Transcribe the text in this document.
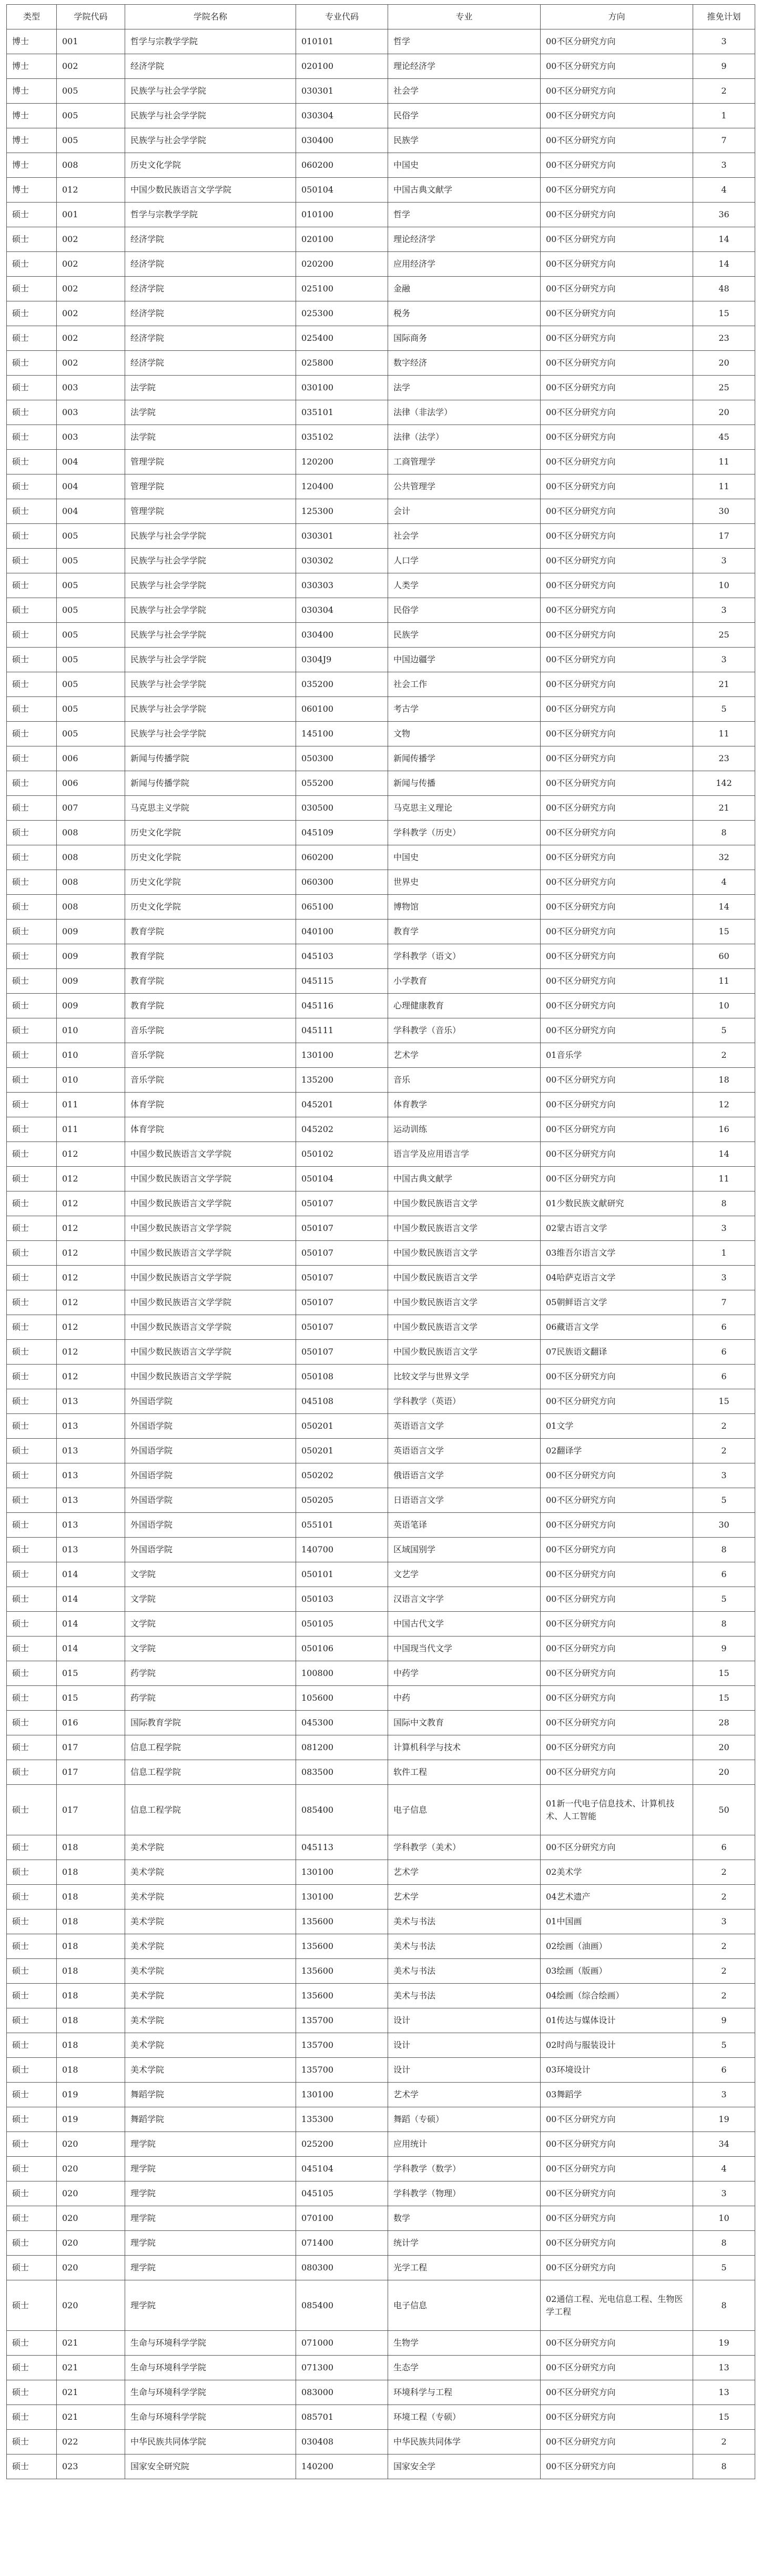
类型	学院代码	学院名称	专业代码	专业	方向	推免计划
博士	001	哲学与宗教学学院	010101	哲学	00不区分研究方向	3
博士	002	经济学院	020100	理论经济学	00不区分研究方向	9
博士	005	民族学与社会学学院	030301	社会学	00不区分研究方向	2
博士	005	民族学与社会学学院	030304	民俗学	00不区分研究方向	1
博士	005	民族学与社会学学院	030400	民族学	00不区分研究方向	7
博士	008	历史文化学院	060200	中国史	00不区分研究方向	3
博士	012	中国少数民族语言文学学院	050104	中国古典文献学	00不区分研究方向	4
硕士	001	哲学与宗教学学院	010100	哲学	00不区分研究方向	36
硕士	002	经济学院	020100	理论经济学	00不区分研究方向	14
硕士	002	经济学院	020200	应用经济学	00不区分研究方向	14
硕士	002	经济学院	025100	金融	00不区分研究方向	48
硕士	002	经济学院	025300	税务	00不区分研究方向	15
硕士	002	经济学院	025400	国际商务	00不区分研究方向	23
硕士	002	经济学院	025800	数字经济	00不区分研究方向	20
硕士	003	法学院	030100	法学	00不区分研究方向	25
硕士	003	法学院	035101	法律（非法学）	00不区分研究方向	20
硕士	003	法学院	035102	法律（法学）	00不区分研究方向	45
硕士	004	管理学院	120200	工商管理学	00不区分研究方向	11
硕士	004	管理学院	120400	公共管理学	00不区分研究方向	11
硕士	004	管理学院	125300	会计	00不区分研究方向	30
硕士	005	民族学与社会学学院	030301	社会学	00不区分研究方向	17
硕士	005	民族学与社会学学院	030302	人口学	00不区分研究方向	3
硕士	005	民族学与社会学学院	030303	人类学	00不区分研究方向	10
硕士	005	民族学与社会学学院	030304	民俗学	00不区分研究方向	3
硕士	005	民族学与社会学学院	030400	民族学	00不区分研究方向	25
硕士	005	民族学与社会学学院	0304J9	中国边疆学	00不区分研究方向	3
硕士	005	民族学与社会学学院	035200	社会工作	00不区分研究方向	21
硕士	005	民族学与社会学学院	060100	考古学	00不区分研究方向	5
硕士	005	民族学与社会学学院	145100	文物	00不区分研究方向	11
硕士	006	新闻与传播学院	050300	新闻传播学	00不区分研究方向	23
硕士	006	新闻与传播学院	055200	新闻与传播	00不区分研究方向	142
硕士	007	马克思主义学院	030500	马克思主义理论	00不区分研究方向	21
硕士	008	历史文化学院	045109	学科教学（历史）	00不区分研究方向	8
硕士	008	历史文化学院	060200	中国史	00不区分研究方向	32
硕士	008	历史文化学院	060300	世界史	00不区分研究方向	4
硕士	008	历史文化学院	065100	博物馆	00不区分研究方向	14
硕士	009	教育学院	040100	教育学	00不区分研究方向	15
硕士	009	教育学院	045103	学科教学（语文）	00不区分研究方向	60
硕士	009	教育学院	045115	小学教育	00不区分研究方向	11
硕士	009	教育学院	045116	心理健康教育	00不区分研究方向	10
硕士	010	音乐学院	045111	学科教学（音乐）	00不区分研究方向	5
硕士	010	音乐学院	130100	艺术学	01音乐学	2
硕士	010	音乐学院	135200	音乐	00不区分研究方向	18
硕士	011	体育学院	045201	体育教学	00不区分研究方向	12
硕士	011	体育学院	045202	运动训练	00不区分研究方向	16
硕士	012	中国少数民族语言文学学院	050102	语言学及应用语言学	00不区分研究方向	14
硕士	012	中国少数民族语言文学学院	050104	中国古典文献学	00不区分研究方向	11
硕士	012	中国少数民族语言文学学院	050107	中国少数民族语言文学	01少数民族文献研究	8
硕士	012	中国少数民族语言文学学院	050107	中国少数民族语言文学	02蒙古语言文学	3
硕士	012	中国少数民族语言文学学院	050107	中国少数民族语言文学	03维吾尔语言文学	1
硕士	012	中国少数民族语言文学学院	050107	中国少数民族语言文学	04哈萨克语言文学	3
硕士	012	中国少数民族语言文学学院	050107	中国少数民族语言文学	05朝鲜语言文学	7
硕士	012	中国少数民族语言文学学院	050107	中国少数民族语言文学	06藏语言文学	6
硕士	012	中国少数民族语言文学学院	050107	中国少数民族语言文学	07民族语文翻译	6
硕士	012	中国少数民族语言文学学院	050108	比较文学与世界文学	00不区分研究方向	6
硕士	013	外国语学院	045108	学科教学（英语）	00不区分研究方向	15
硕士	013	外国语学院	050201	英语语言文学	01文学	2
硕士	013	外国语学院	050201	英语语言文学	02翻译学	2
硕士	013	外国语学院	050202	俄语语言文学	00不区分研究方向	3
硕士	013	外国语学院	050205	日语语言文学	00不区分研究方向	5
硕士	013	外国语学院	055101	英语笔译	00不区分研究方向	30
硕士	013	外国语学院	140700	区域国别学	00不区分研究方向	8
硕士	014	文学院	050101	文艺学	00不区分研究方向	6
硕士	014	文学院	050103	汉语言文字学	00不区分研究方向	5
硕士	014	文学院	050105	中国古代文学	00不区分研究方向	8
硕士	014	文学院	050106	中国现当代文学	00不区分研究方向	9
硕士	015	药学院	100800	中药学	00不区分研究方向	15
硕士	015	药学院	105600	中药	00不区分研究方向	15
硕士	016	国际教育学院	045300	国际中文教育	00不区分研究方向	28
硕士	017	信息工程学院	081200	计算机科学与技术	00不区分研究方向	20
硕士	017	信息工程学院	083500	软件工程	00不区分研究方向	20
硕士	017	信息工程学院	085400	电子信息	01新一代电子信息技术、计算机技术、人工智能	50
硕士	018	美术学院	045113	学科教学（美术）	00不区分研究方向	6
硕士	018	美术学院	130100	艺术学	02美术学	2
硕士	018	美术学院	130100	艺术学	04艺术遗产	2
硕士	018	美术学院	135600	美术与书法	01中国画	3
硕士	018	美术学院	135600	美术与书法	02绘画（油画）	2
硕士	018	美术学院	135600	美术与书法	03绘画（版画）	2
硕士	018	美术学院	135600	美术与书法	04绘画（综合绘画）	2
硕士	018	美术学院	135700	设计	01传达与媒体设计	9
硕士	018	美术学院	135700	设计	02时尚与服装设计	5
硕士	018	美术学院	135700	设计	03环境设计	6
硕士	019	舞蹈学院	130100	艺术学	03舞蹈学	3
硕士	019	舞蹈学院	135300	舞蹈（专硕）	00不区分研究方向	19
硕士	020	理学院	025200	应用统计	00不区分研究方向	34
硕士	020	理学院	045104	学科教学（数学）	00不区分研究方向	4
硕士	020	理学院	045105	学科教学（物理）	00不区分研究方向	3
硕士	020	理学院	070100	数学	00不区分研究方向	10
硕士	020	理学院	071400	统计学	00不区分研究方向	8
硕士	020	理学院	080300	光学工程	00不区分研究方向	5
硕士	020	理学院	085400	电子信息	02通信工程、光电信息工程、生物医学工程	8
硕士	021	生命与环境科学学院	071000	生物学	00不区分研究方向	19
硕士	021	生命与环境科学学院	071300	生态学	00不区分研究方向	13
硕士	021	生命与环境科学学院	083000	环境科学与工程	00不区分研究方向	13
硕士	021	生命与环境科学学院	085701	环境工程（专硕）	00不区分研究方向	15
硕士	022	中华民族共同体学院	030408	中华民族共同体学	00不区分研究方向	2
硕士	023	国家安全研究院	140200	国家安全学	00不区分研究方向	8
